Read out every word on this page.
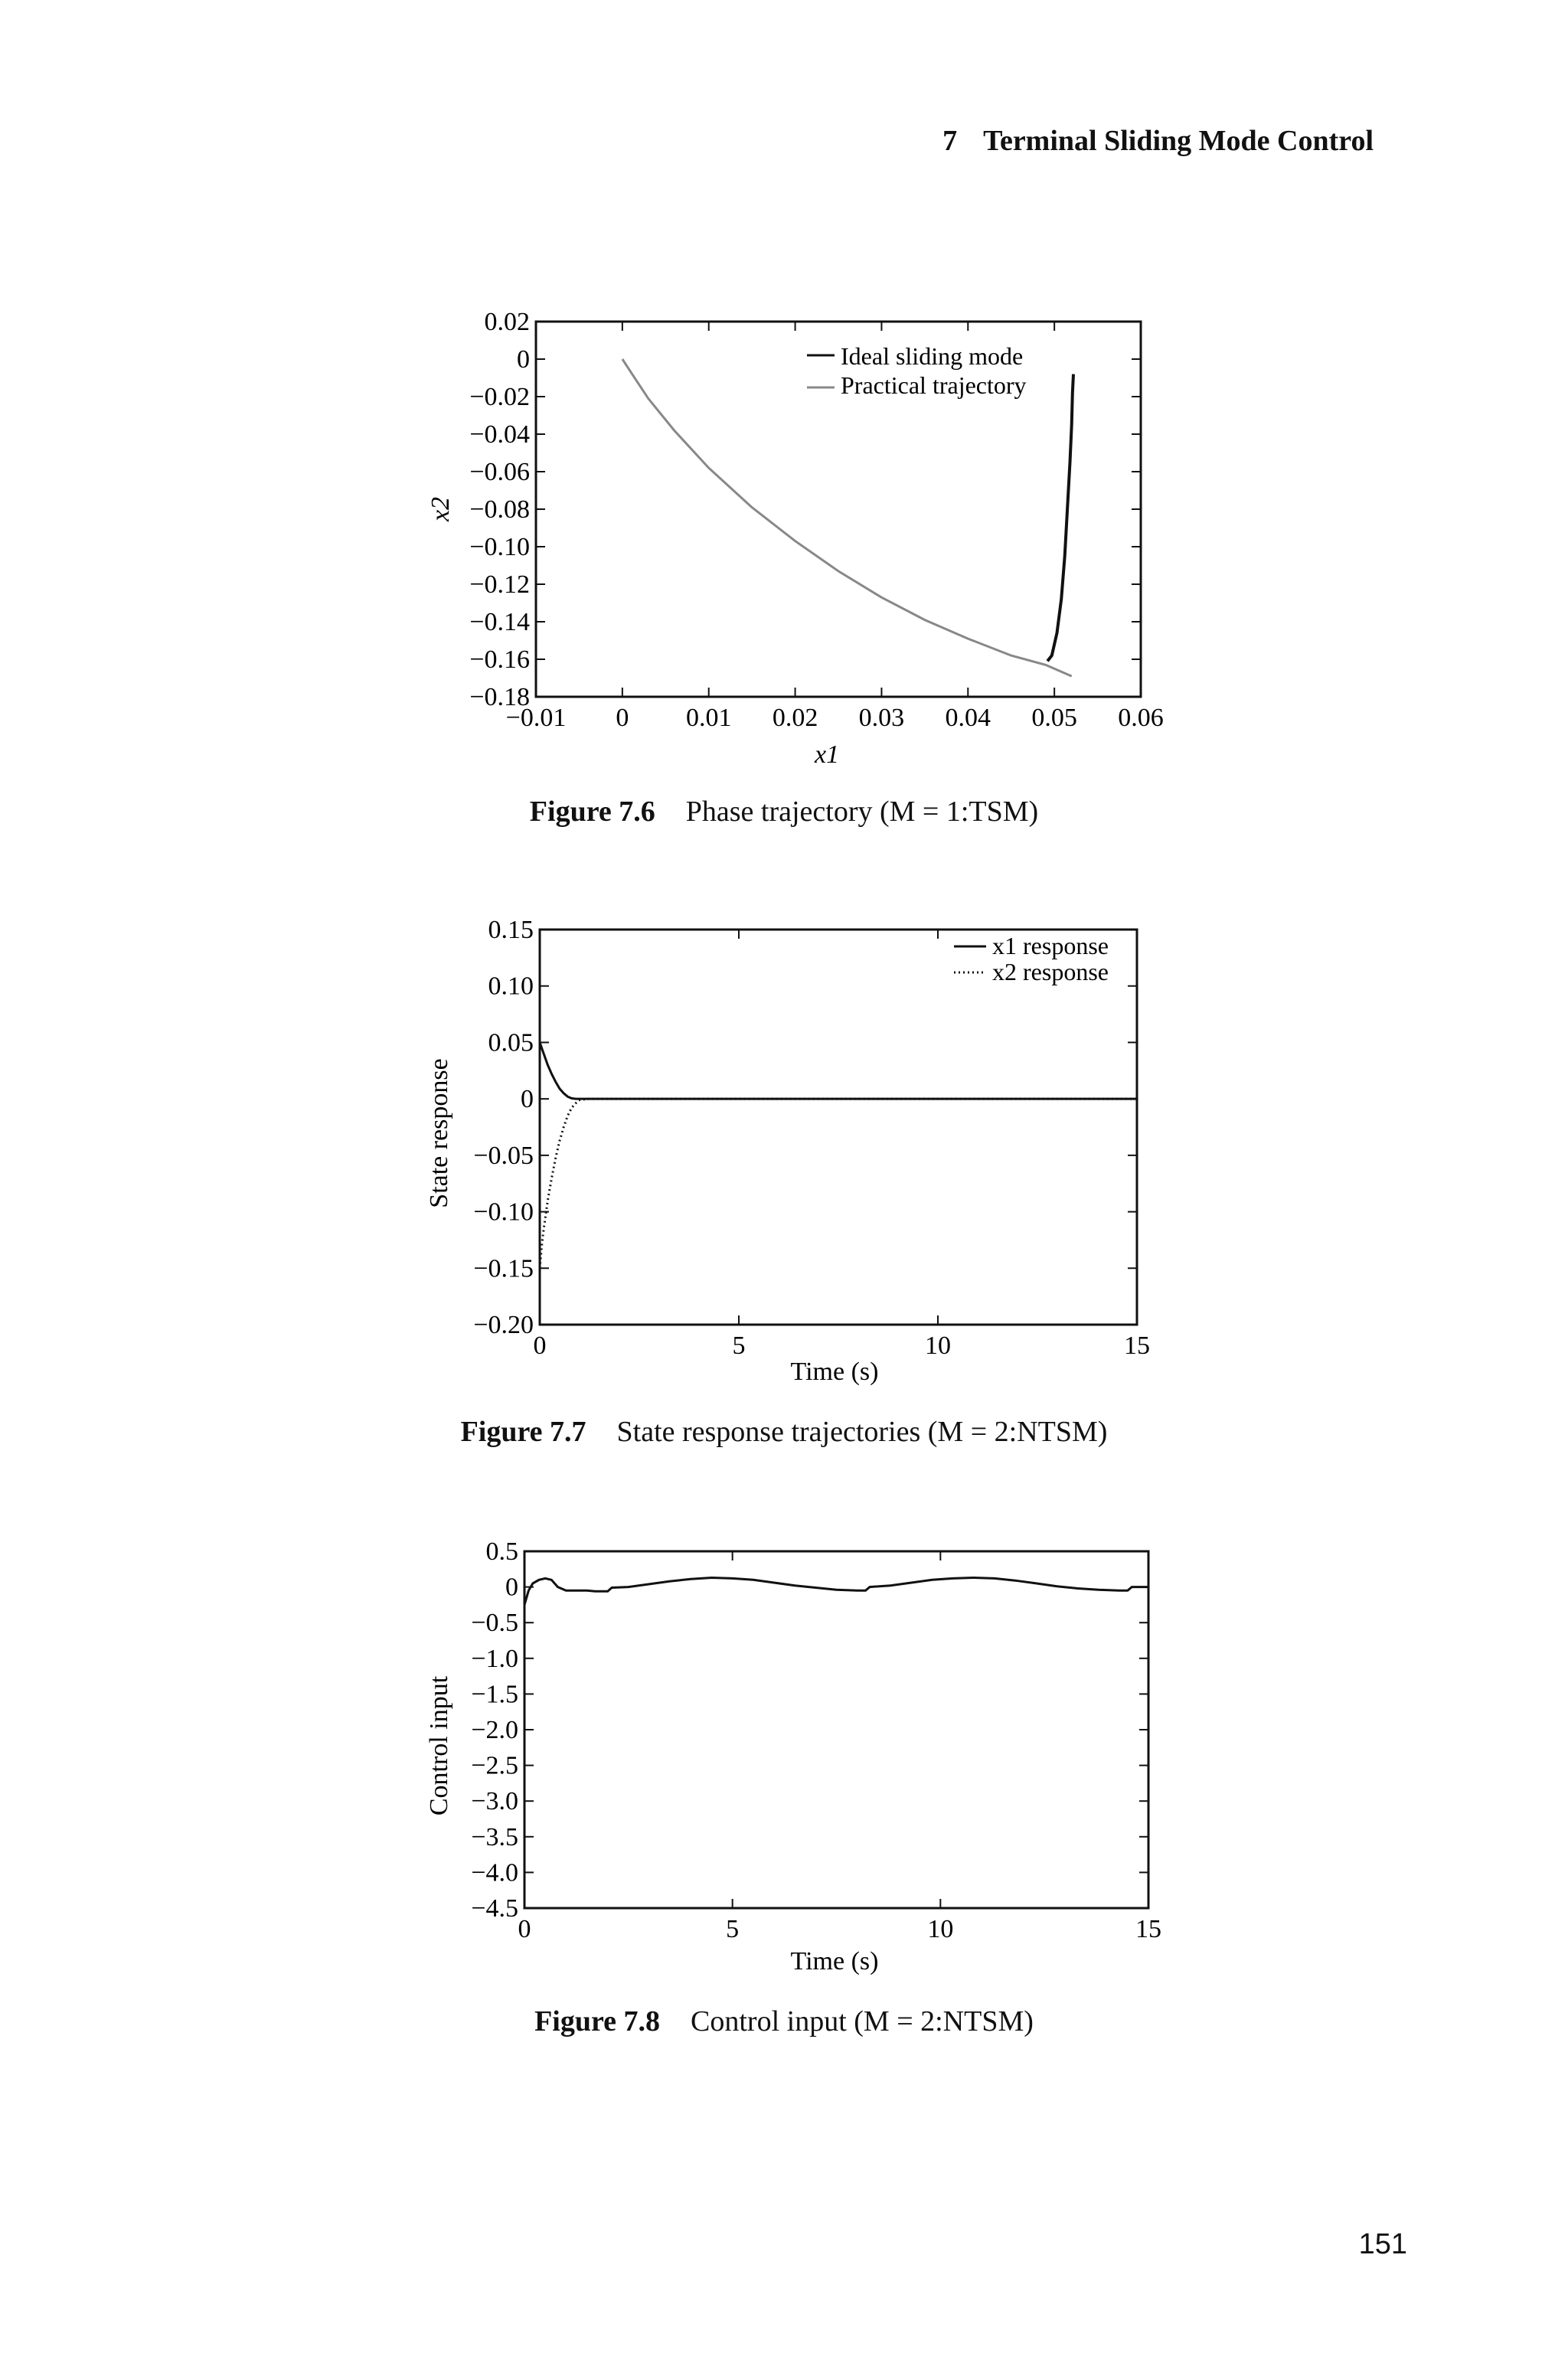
7 Terminal Sliding Mode Control
−0.01 0 0.01 0.02 0.03 0.04 0.05 0.06
0.02
0
−0.02
−0.04
−0.06
−0.08
−0.10
−0.12
−0.14
−0.16
−0.18
Ideal sliding mode
Practical trajectory
x1
x2
Figure 7.6 Phase trajectory (M = 1:TSM)
0	5	10	15
0.15
0.10
0.05
0
−0.05
−0.10
−0.15
−0.20
x1 response
x2 response
Time (s)
State response
Figure 7.7 State response trajectories (M = 2:NTSM)
0	5	10	15
0.5
0
−0.5
−1.0
−1.5
−2.0
−2.5
−3.0
−3.5
−4.0
−4.5
Time (s)
Control input
Figure 7.8 Control input (M = 2:NTSM)
151
